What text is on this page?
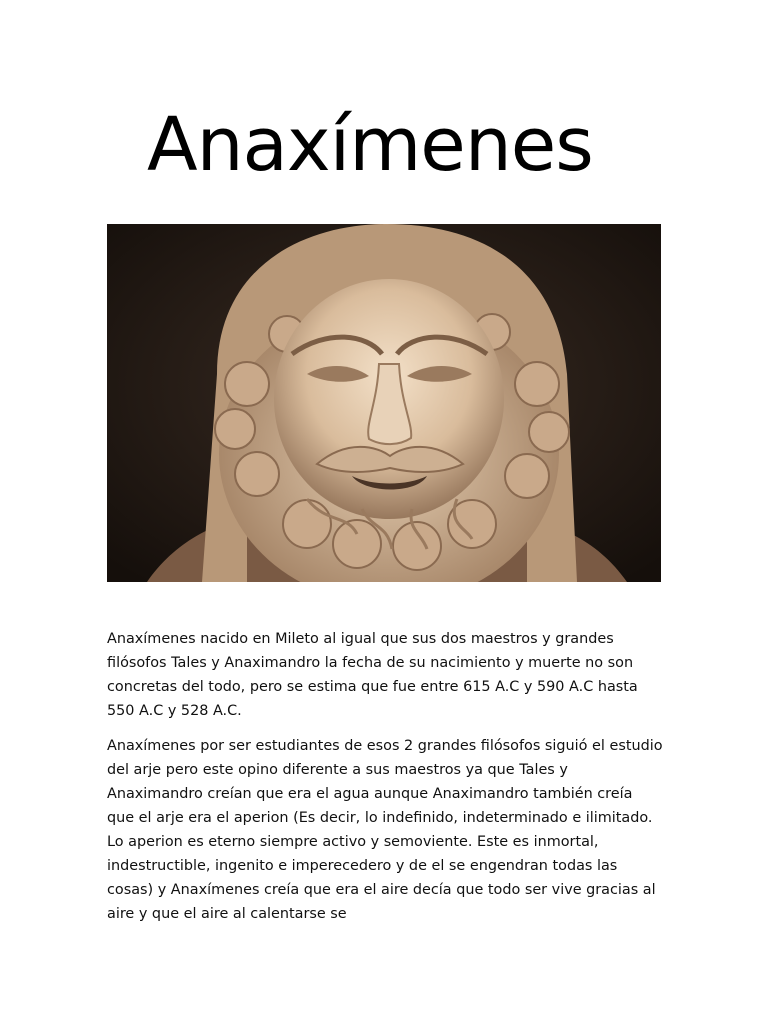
Anaxímenes
Anaxímenes nacido en Mileto al igual que sus dos maestros y grandes filósofos Tales y Anaximandro la fecha de su nacimiento y muerte no son concretas del todo, pero se estima que fue entre 615 A.C y 590 A.C hasta 550 A.C y 528 A.C.
Anaxímenes por ser estudiantes de esos 2 grandes filósofos siguió el estudio del arje pero este opino diferente a sus maestros ya que Tales y Anaximandro creían que era el agua aunque Anaximandro también creía que el arje era el aperion (Es decir, lo indefinido, indeterminado e ilimitado. Lo aperion es eterno siempre activo y semoviente. Este es inmortal, indestructible, ingenito e imperecedero y de el se engendran todas las cosas) y Anaxímenes creía que era el aire decía que todo ser vive gracias al aire y que el aire al calentarse se
